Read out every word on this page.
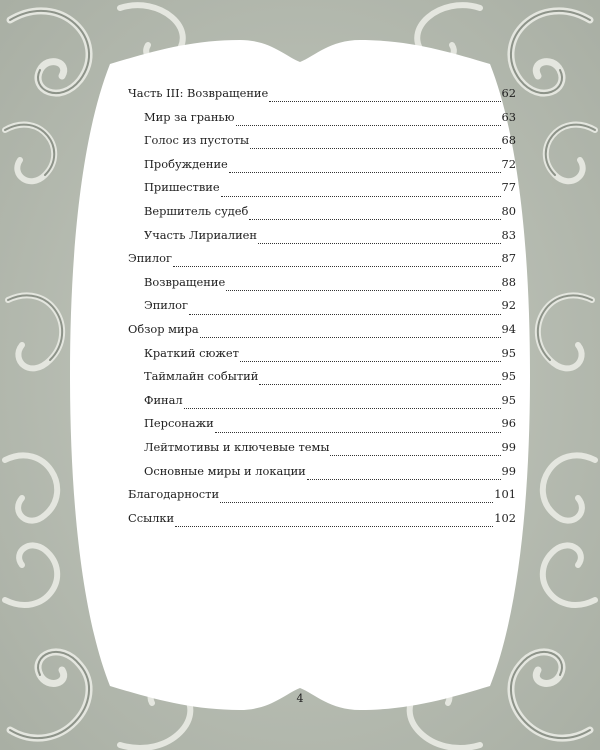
Часть III: Возвращение	62
Мир за гранью	63
Голос из пустоты	68
Пробуждение	72
Пришествие	77
Вершитель судеб	80
Участь Лириалиен	83
Эпилог	87
Возвращение	88
Эпилог	92
Обзор мира	94
Краткий сюжет	95
Таймлайн событий	95
Финал	95
Персонажи	96
Лейтмотивы и ключевые темы	99
Основные миры и локации	99
Благодарности	101
Ссылки	102
4
